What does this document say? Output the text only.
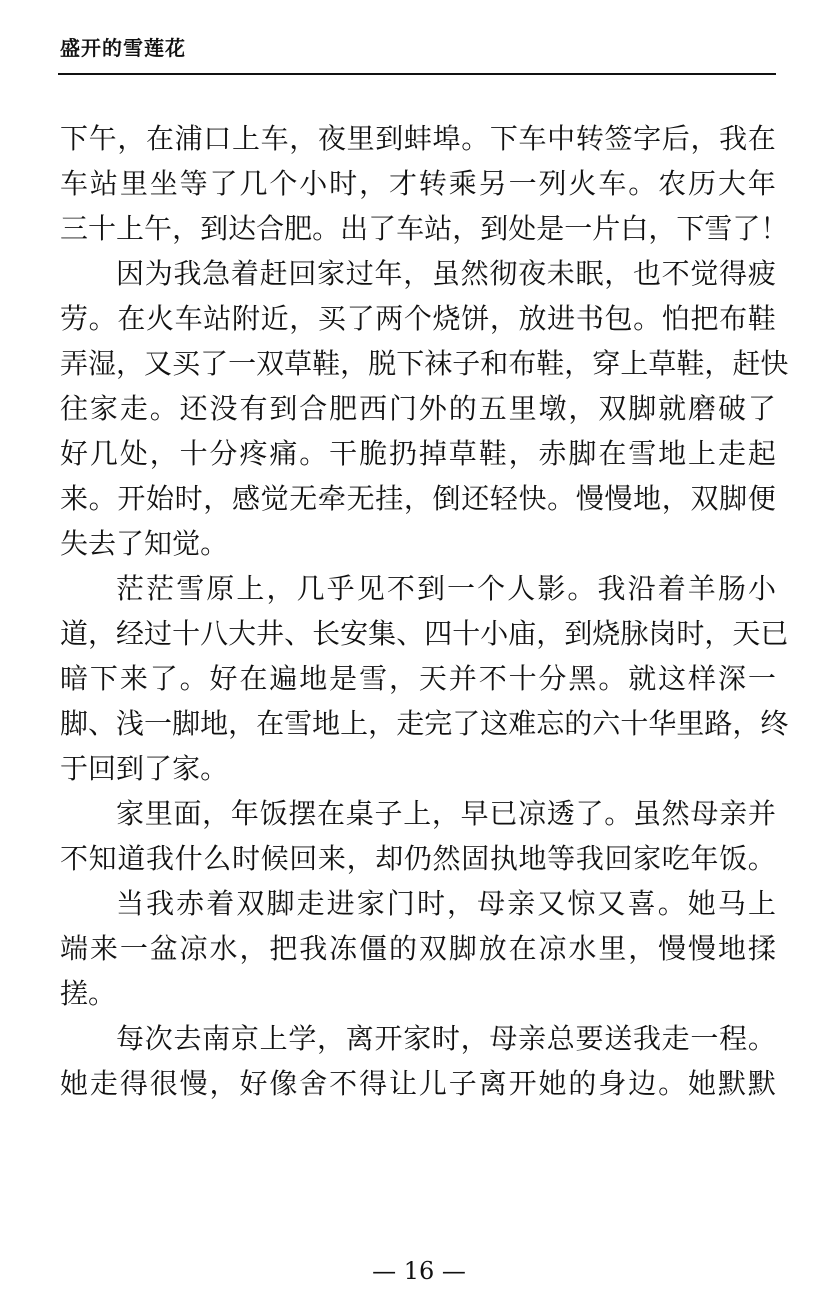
盛开的雪莲花
下 午 ， 在 浦 口 上 车 ， 夜 里 到 蚌 埠 。 下 车 中 转 签 字 后 ， 我 在
车 站 里 坐 等 了 几 个 小 时 ， 才 转 乘 另 一 列 火 车 。 农 历 大 年
三 十 上 午 ， 到 达 合 肥 。 出 了 车 站 ， 到 处 是 一 片 白 ， 下 雪 了 ！
因 为 我 急 着 赶 回 家 过 年 ， 虽 然 彻 夜 未 眠 ， 也 不 觉 得 疲
劳 。 在 火 车 站 附 近 ， 买 了 两 个 烧 饼 ， 放 进 书 包 。 怕 把 布 鞋
弄 湿 ， 又 买 了 一 双 草 鞋 ， 脱 下 袜 子 和 布 鞋 ， 穿 上 草 鞋 ， 赶 快
往 家 走 。 还 没 有 到 合 肥 西 门 外 的 五 里 墩 ， 双 脚 就 磨 破 了
好 几 处 ， 十 分 疼 痛 。 干 脆 扔 掉 草 鞋 ， 赤 脚 在 雪 地 上 走 起
来 。 开 始 时 ， 感 觉 无 牵 无 挂 ， 倒 还 轻 快 。 慢 慢 地 ， 双 脚 便
失 去 了 知 觉 。
茫 茫 雪 原 上 ， 几 乎 见 不 到 一 个 人 影 。 我 沿 着 羊 肠 小
道 ， 经 过 十 八 大 井 、 长 安 集 、 四 十 小 庙 ， 到 烧 脉 岗 时 ， 天 已
暗 下 来 了 。 好 在 遍 地 是 雪 ， 天 并 不 十 分 黑 。 就 这 样 深 一
脚 、 浅 一 脚 地 ， 在 雪 地 上 ， 走 完 了 这 难 忘 的 六 十 华 里 路 ， 终
于 回 到 了 家 。
家 里 面 ， 年 饭 摆 在 桌 子 上 ， 早 已 凉 透 了 。 虽 然 母 亲 并
不 知 道 我 什 么 时 候 回 来 ， 却 仍 然 固 执 地 等 我 回 家 吃 年 饭 。
当 我 赤 着 双 脚 走 进 家 门 时 ， 母 亲 又 惊 又 喜 。 她 马 上
端 来 一 盆 凉 水 ， 把 我 冻 僵 的 双 脚 放 在 凉 水 里 ， 慢 慢 地 揉
搓 。
每 次 去 南 京 上 学 ， 离 开 家 时 ， 母 亲 总 要 送 我 走 一 程 。
她 走 得 很 慢 ， 好 像 舍 不 得 让 儿 子 离 开 她 的 身 边 。 她 默 默
— 16 —
